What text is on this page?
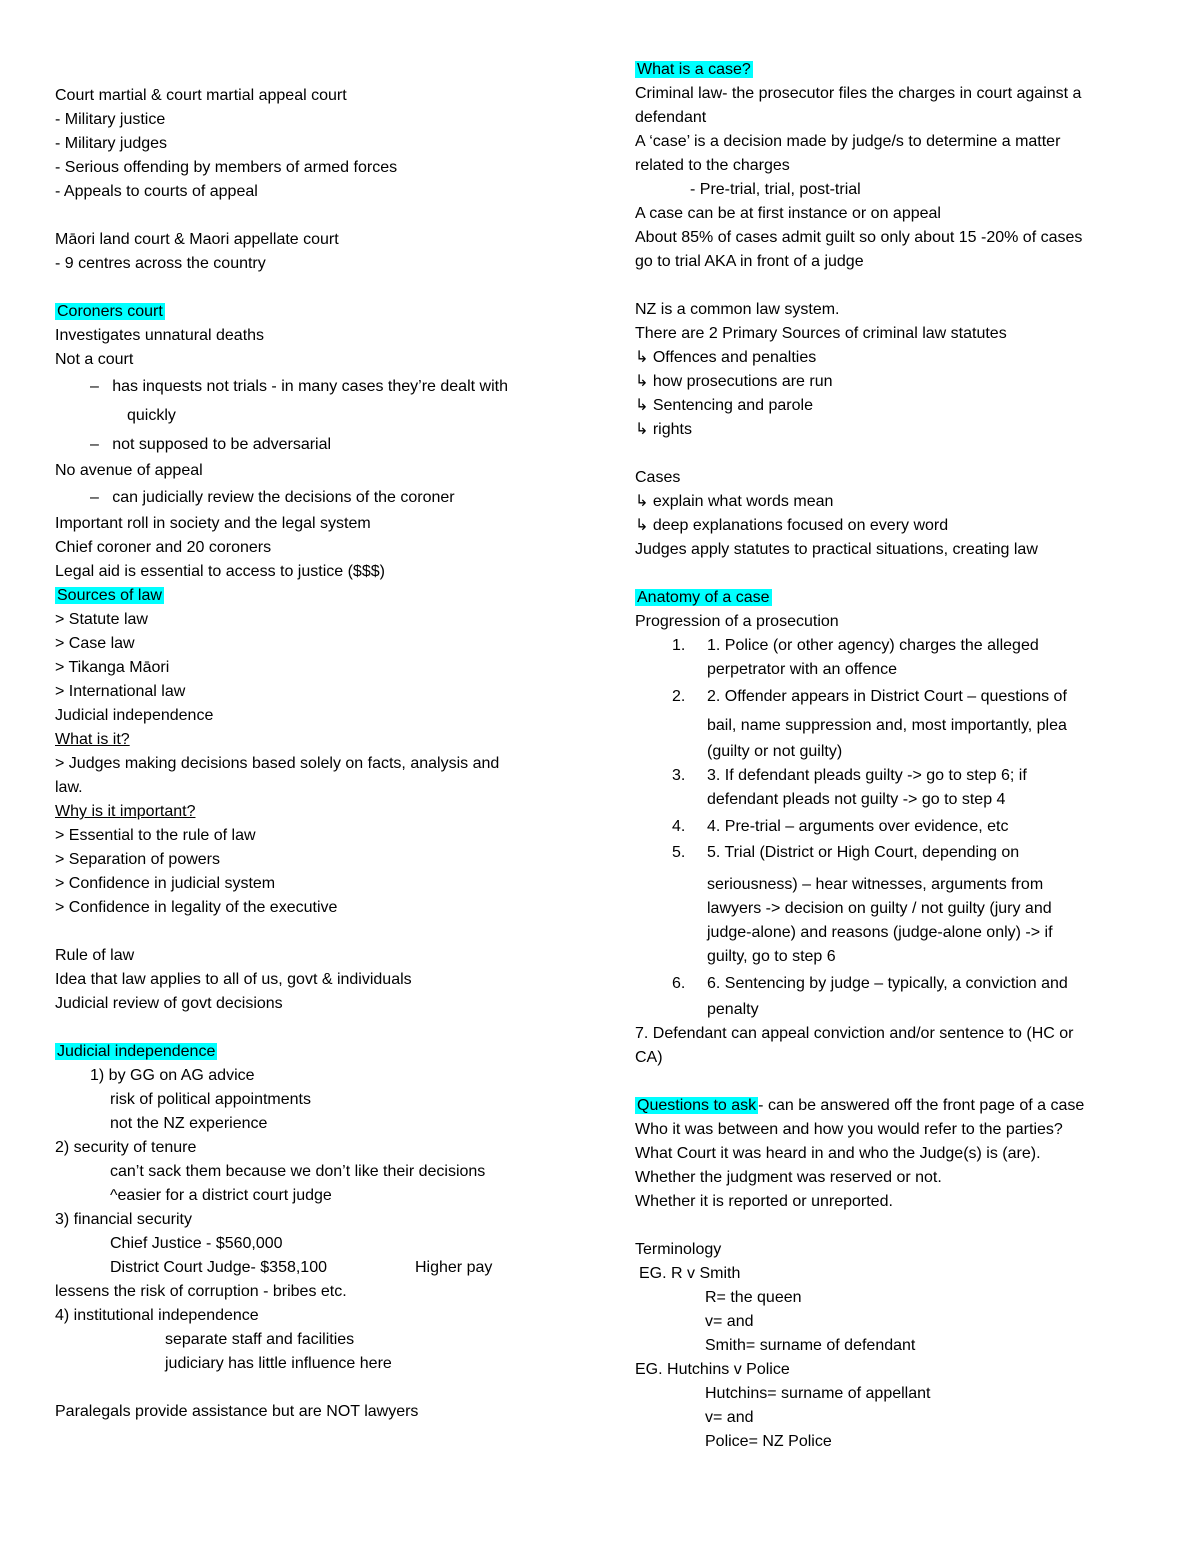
Court martial & court martial appeal court
- Military justice
- Military judges
- Serious offending by members of armed forces
- Appeals to courts of appeal
Māori land court & Maori appellate court
- 9 centres across the country
Coroners court
Investigates unnatural deaths
Not a court
–   has inquests not trials - in many cases they’re dealt with
quickly
–   not supposed to be adversarial
No avenue of appeal
–   can judicially review the decisions of the coroner
Important roll in society and the legal system
Chief coroner and 20 coroners
Legal aid is essential to access to justice ($$$)
Sources of law
> Statute law
> Case law
> Tikanga Māori
> International law
Judicial independence
What is it?
> Judges making decisions based solely on facts, analysis and
law.
Why is it important?
> Essential to the rule of law
> Separation of powers
> Confidence in judicial system
> Confidence in legality of the executive
Rule of law
Idea that law applies to all of us, govt & individuals
Judicial review of govt decisions
Judicial independence
1) by GG on AG advice
risk of political appointments
not the NZ experience
2) security of tenure
can’t sack them because we don’t like their decisions
^easier for a district court judge
3) financial security
Chief Justice - $560,000
District Court Judge- $358,100	Higher pay
lessens the risk of corruption - bribes etc.
4) institutional independence
separate staff and facilities
judiciary has little influence here
Paralegals provide assistance but are NOT lawyers
What is a case?
Criminal law- the prosecutor files the charges in court against a
defendant
A ‘case’ is a decision made by judge/s to determine a matter
related to the charges
- Pre-trial, trial, post-trial
A case can be at first instance or on appeal
About 85% of cases admit guilt so only about 15 -20% of cases
go to trial AKA in front of a judge
NZ is a common law system.
There are 2 Primary Sources of criminal law statutes
↳ Offences and penalties
↳ how prosecutions are run
↳ Sentencing and parole
↳ rights
Cases
↳ explain what words mean
↳ deep explanations focused on every word
Judges apply statutes to practical situations, creating law
Anatomy of a case
Progression of a prosecution
1. 1. Police (or other agency) charges the alleged
perpetrator with an offence
2. 2. Offender appears in District Court – questions of
bail, name suppression and, most importantly, plea
(guilty or not guilty)
3. 3. If defendant pleads guilty -> go to step 6; if
defendant pleads not guilty -> go to step 4
4. 4. Pre-trial – arguments over evidence, etc
5. 5. Trial (District or High Court, depending on
seriousness) – hear witnesses, arguments from
lawyers -> decision on guilty / not guilty (jury and
judge-alone) and reasons (judge-alone only) -> if
guilty, go to step 6
6. 6. Sentencing by judge – typically, a conviction and
penalty
7. Defendant can appeal conviction and/or sentence to (HC or
CA)
Questions to ask - can be answered off the front page of a case
Who it was between and how you would refer to the parties?
What Court it was heard in and who the Judge(s) is (are).
Whether the judgment was reserved or not.
Whether it is reported or unreported.
Terminology
EG. R v Smith
R= the queen
v= and
Smith= surname of defendant
EG. Hutchins v Police
Hutchins= surname of appellant
v= and
Police= NZ Police
